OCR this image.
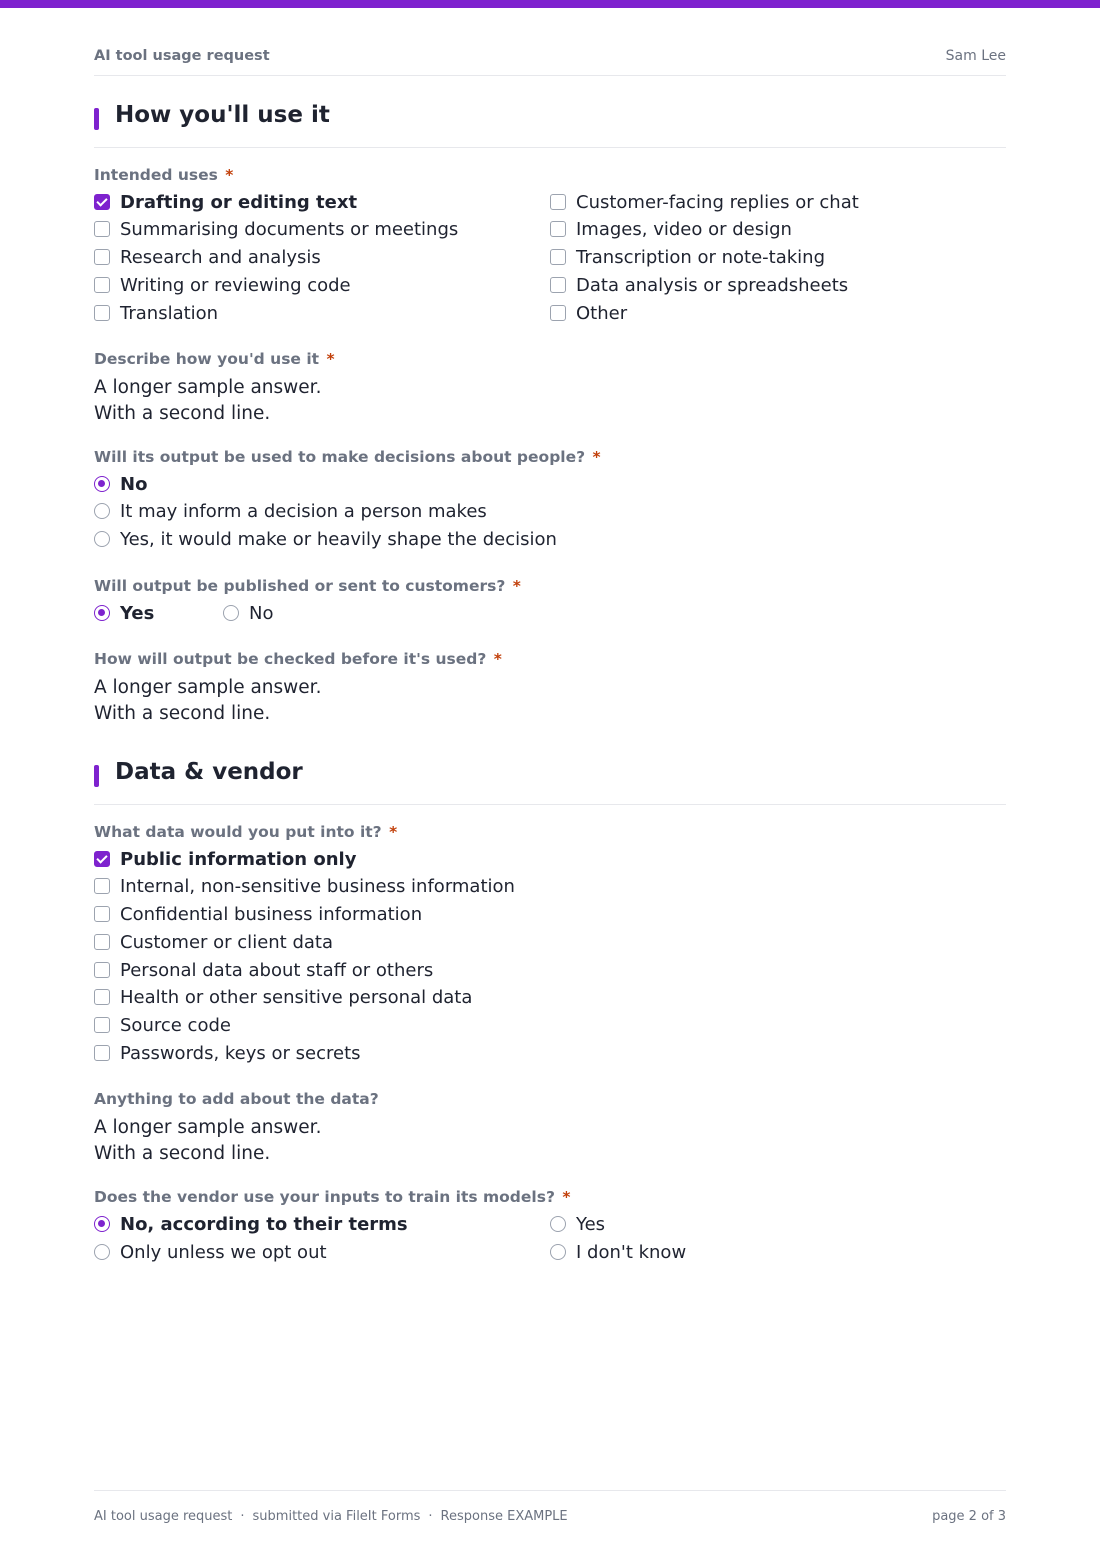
AI tool usage request	Sam Lee
How you'll use it
Intended uses *
Drafting or editing text
Summarising documents or meetings
Research and analysis
Writing or reviewing code
Translation
Customer-facing replies or chat
Images, video or design
Transcription or note-taking
Data analysis or spreadsheets
Other
Describe how you'd use it *
A longer sample answer.
With a second line.
Will its output be used to make decisions about people? *
No
It may inform a decision a person makes
Yes, it would make or heavily shape the decision
Will output be published or sent to customers? *
Yes	No
How will output be checked before it's used? *
A longer sample answer.
With a second line.
Data & vendor
What data would you put into it? *
Public information only
Internal, non-sensitive business information
Confidential business information
Customer or client data
Personal data about staff or others
Health or other sensitive personal data
Source code
Passwords, keys or secrets
Anything to add about the data?
A longer sample answer.
With a second line.
Does the vendor use your inputs to train its models? *
No, according to their terms
Only unless we opt out
Yes
I don't know
AI tool usage request · submitted via FileIt Forms · Response EXAMPLE	page 2 of 3
